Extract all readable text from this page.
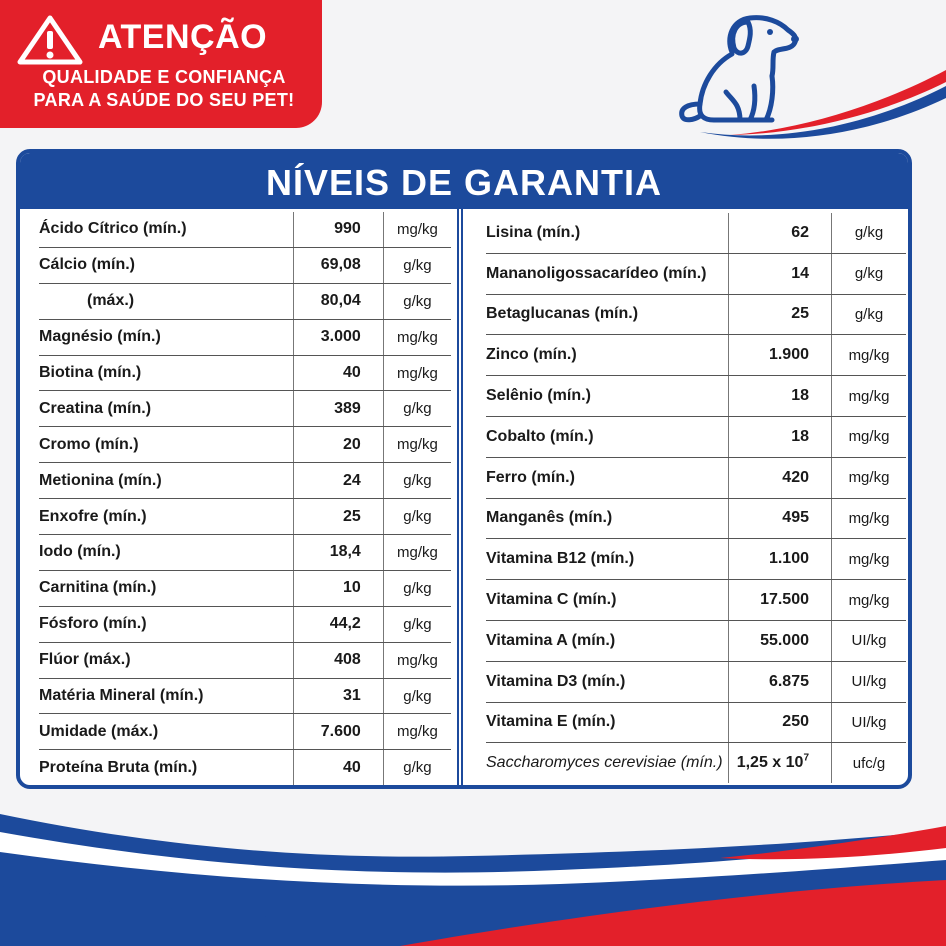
ATENÇÃO
QUALIDADE E CONFIANÇA
PARA A SAÚDE DO SEU PET!
NÍVEIS DE GARANTIA
Ácido Cítrico (mín.)	990	mg/kg
Cálcio (mín.)	69,08	g/kg
(máx.)	80,04	g/kg
Magnésio (mín.)	3.000	mg/kg
Biotina (mín.)	40	mg/kg
Creatina (mín.)	389	g/kg
Cromo (mín.)	20	mg/kg
Metionina (mín.)	24	g/kg
Enxofre (mín.)	25	g/kg
Iodo (mín.)	18,4	mg/kg
Carnitina (mín.)	10	g/kg
Fósforo (mín.)	44,2	g/kg
Flúor (máx.)	408	mg/kg
Matéria Mineral (mín.)	31	g/kg
Umidade (máx.)	7.600	mg/kg
Proteína Bruta (mín.)	40	g/kg
Lisina (mín.)	62	g/kg
Mananoligossacarídeo (mín.)	14	g/kg
Betaglucanas (mín.)	25	g/kg
Zinco (mín.)	1.900	mg/kg
Selênio (mín.)	18	mg/kg
Cobalto (mín.)	18	mg/kg
Ferro (mín.)	420	mg/kg
Manganês (mín.)	495	mg/kg
Vitamina B12 (mín.)	1.100	mg/kg
Vitamina C (mín.)	17.500	mg/kg
Vitamina A (mín.)	55.000	UI/kg
Vitamina D3 (mín.)	6.875	UI/kg
Vitamina E (mín.)	250	UI/kg
Saccharomyces cerevisiae (mín.)	1,25 x $10^7$	ufc/g
